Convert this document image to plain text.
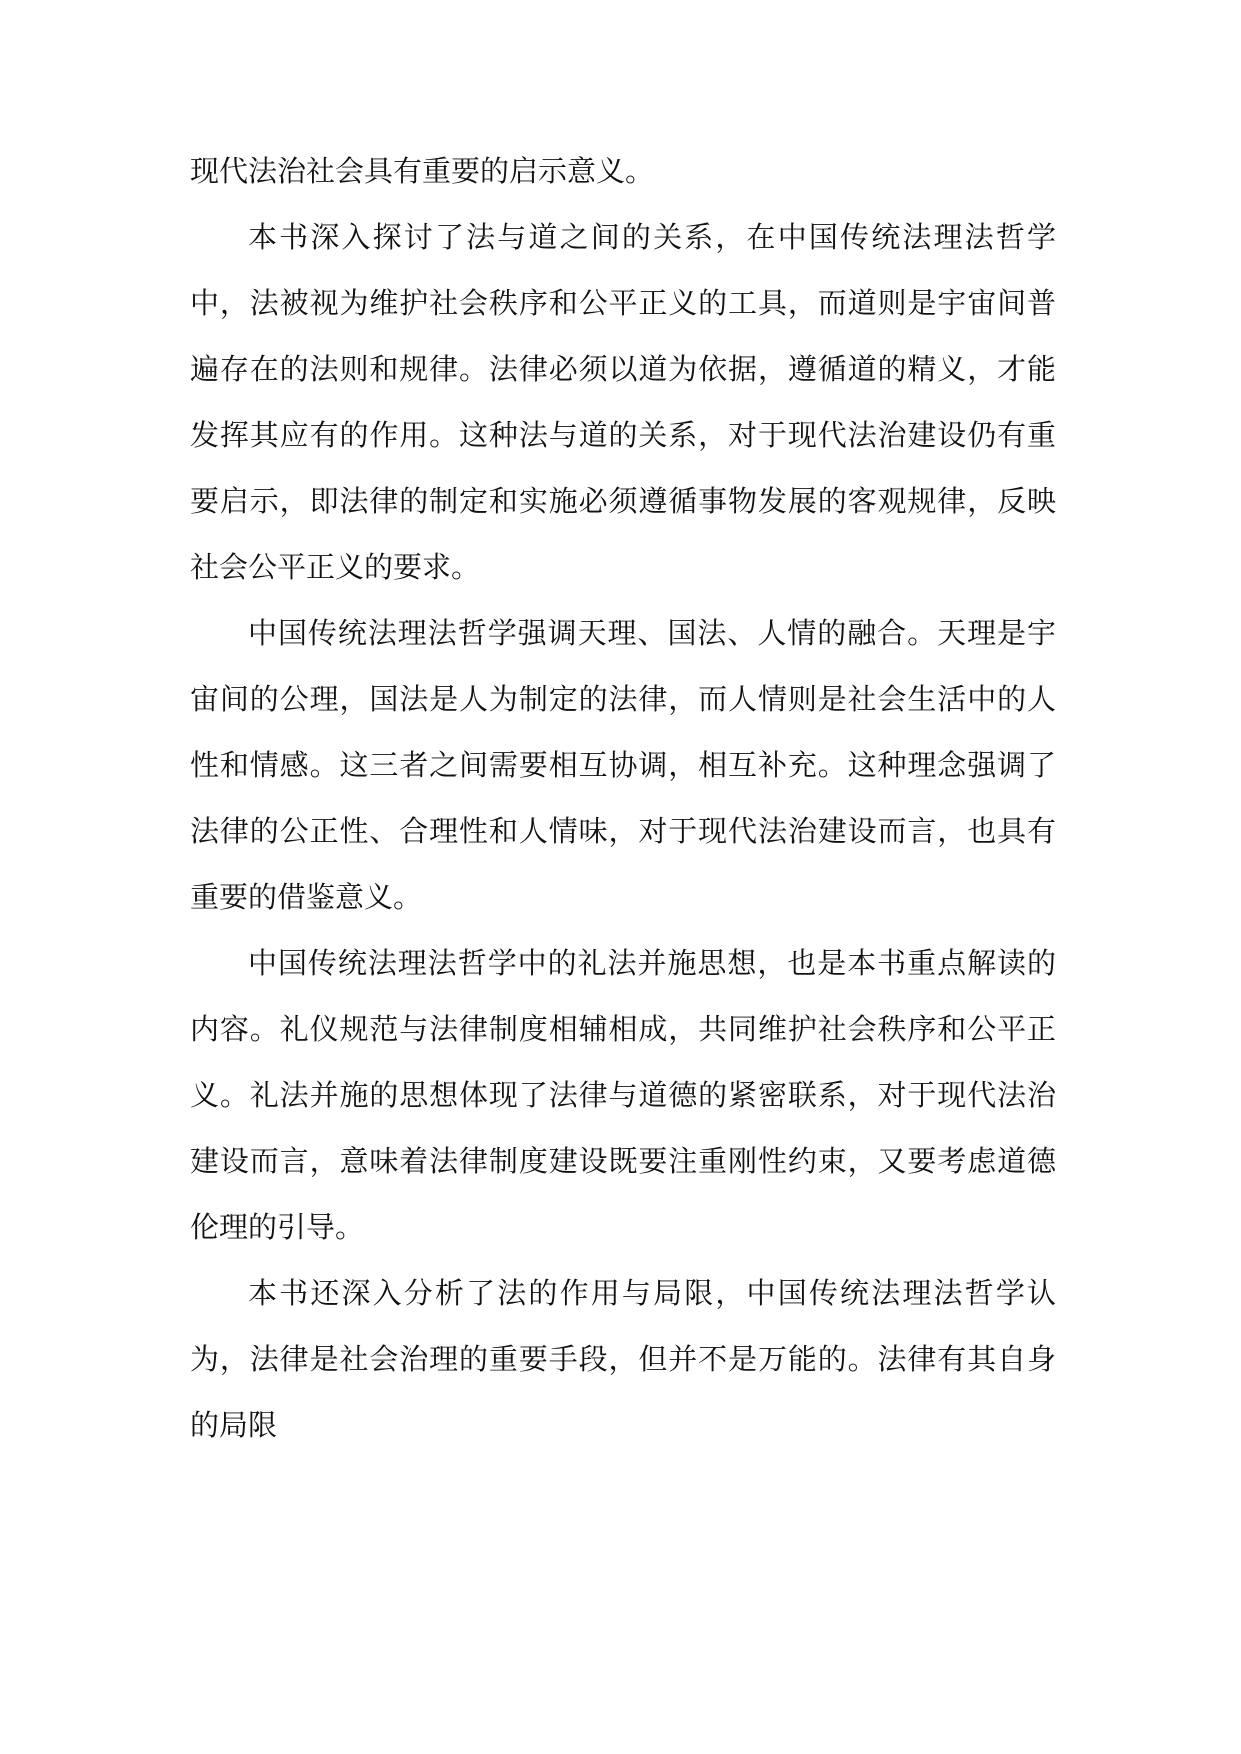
现代法治社会具有重要的启示意义。

本书深入探讨了法与道之间的关系，在中国传统法理法哲学中，法被视为维护社会秩序和公平正义的工具，而道则是宇宙间普遍存在的法则和规律。法律必须以道为依据，遵循道的精义，才能发挥其应有的作用。这种法与道的关系，对于现代法治建设仍有重要启示，即法律的制定和实施必须遵循事物发展的客观规律，反映社会公平正义的要求。

中国传统法理法哲学强调天理、国法、人情的融合。天理是宇宙间的公理，国法是人为制定的法律，而人情则是社会生活中的人性和情感。这三者之间需要相互协调，相互补充。这种理念强调了法律的公正性、合理性和人情味，对于现代法治建设而言，也具有重要的借鉴意义。

中国传统法理法哲学中的礼法并施思想，也是本书重点解读的内容。礼仪规范与法律制度相辅相成，共同维护社会秩序和公平正义。礼法并施的思想体现了法律与道德的紧密联系，对于现代法治建设而言，意味着法律制度建设既要注重刚性约束，又要考虑道德伦理的引导。

本书还深入分析了法的作用与局限，中国传统法理法哲学认为，法律是社会治理的重要手段，但并不是万能的。法律有其自身的局限
